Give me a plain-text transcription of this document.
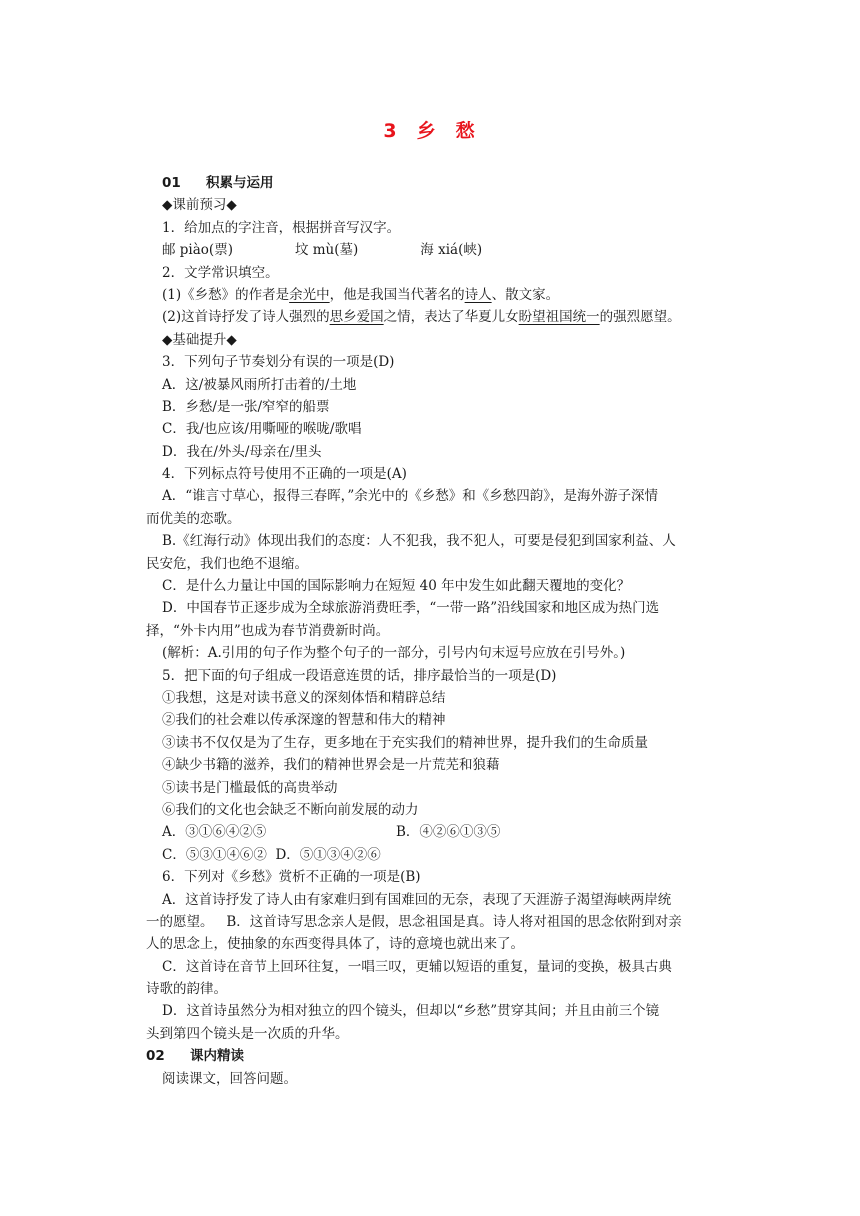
3 乡 愁
01 积累与运用
◆课前预习◆
1．给加点的字注音，根据拼音写汉字。
邮 piào(票)	坟 mù(墓)	海 xiá(峡)
2．文学常识填空。
(1)《乡愁》的作者是余光中，他是我国当代著名的诗人、散文家。
(2)这首诗抒发了诗人强烈的思乡爱国之情，表达了华夏儿女盼望祖国统一的强烈愿望。
◆基础提升◆
3．下列句子节奏划分有误的一项是(D)
A．这/被暴风雨所打击着的/土地
B．乡愁/是一张/窄窄的船票
C．我/也应该/用嘶哑的喉咙/歌唱
D．我在/外头/母亲在/里头
4．下列标点符号使用不正确的一项是(A)
A．“谁言寸草心，报得三春晖，”余光中的《乡愁》和《乡愁四韵》，是海外游子深情
而优美的恋歌。
B.《红海行动》体现出我们的态度：人不犯我，我不犯人，可要是侵犯到国家利益、人
民安危，我们也绝不退缩。
C．是什么力量让中国的国际影响力在短短 40 年中发生如此翻天覆地的变化？
D．中国春节正逐步成为全球旅游消费旺季，“一带一路”沿线国家和地区成为热门选
择，“外卡内用”也成为春节消费新时尚。
(解析：A.引用的句子作为整个句子的一部分，引号内句末逗号应放在引号外。)
5．把下面的句子组成一段语意连贯的话，排序最恰当的一项是(D)
①我想，这是对读书意义的深刻体悟和精辟总结
②我们的社会难以传承深邃的智慧和伟大的精神
③读书不仅仅是为了生存，更多地在于充实我们的精神世界，提升我们的生命质量
④缺少书籍的滋养，我们的精神世界会是一片荒芜和狼藉
⑤读书是门槛最低的高贵举动
⑥我们的文化也会缺乏不断向前发展的动力
A．③①⑥④②⑤	B．④②⑥①③⑤
C．⑤③①④⑥② D．⑤①③④②⑥
6．下列对《乡愁》赏析不正确的一项是(B)
A．这首诗抒发了诗人由有家难归到有国难回的无奈，表现了天涯游子渴望海峡两岸统
一的愿望。 B．这首诗写思念亲人是假，思念祖国是真。诗人将对祖国的思念依附到对亲
人的思念上，使抽象的东西变得具体了，诗的意境也就出来了。
C．这首诗在音节上回环往复，一唱三叹，更辅以短语的重复，量词的变换，极具古典
诗歌的韵律。
D．这首诗虽然分为相对独立的四个镜头，但却以“乡愁”贯穿其间；并且由前三个镜
头到第四个镜头是一次质的升华。
02 课内精读
阅读课文，回答问题。
